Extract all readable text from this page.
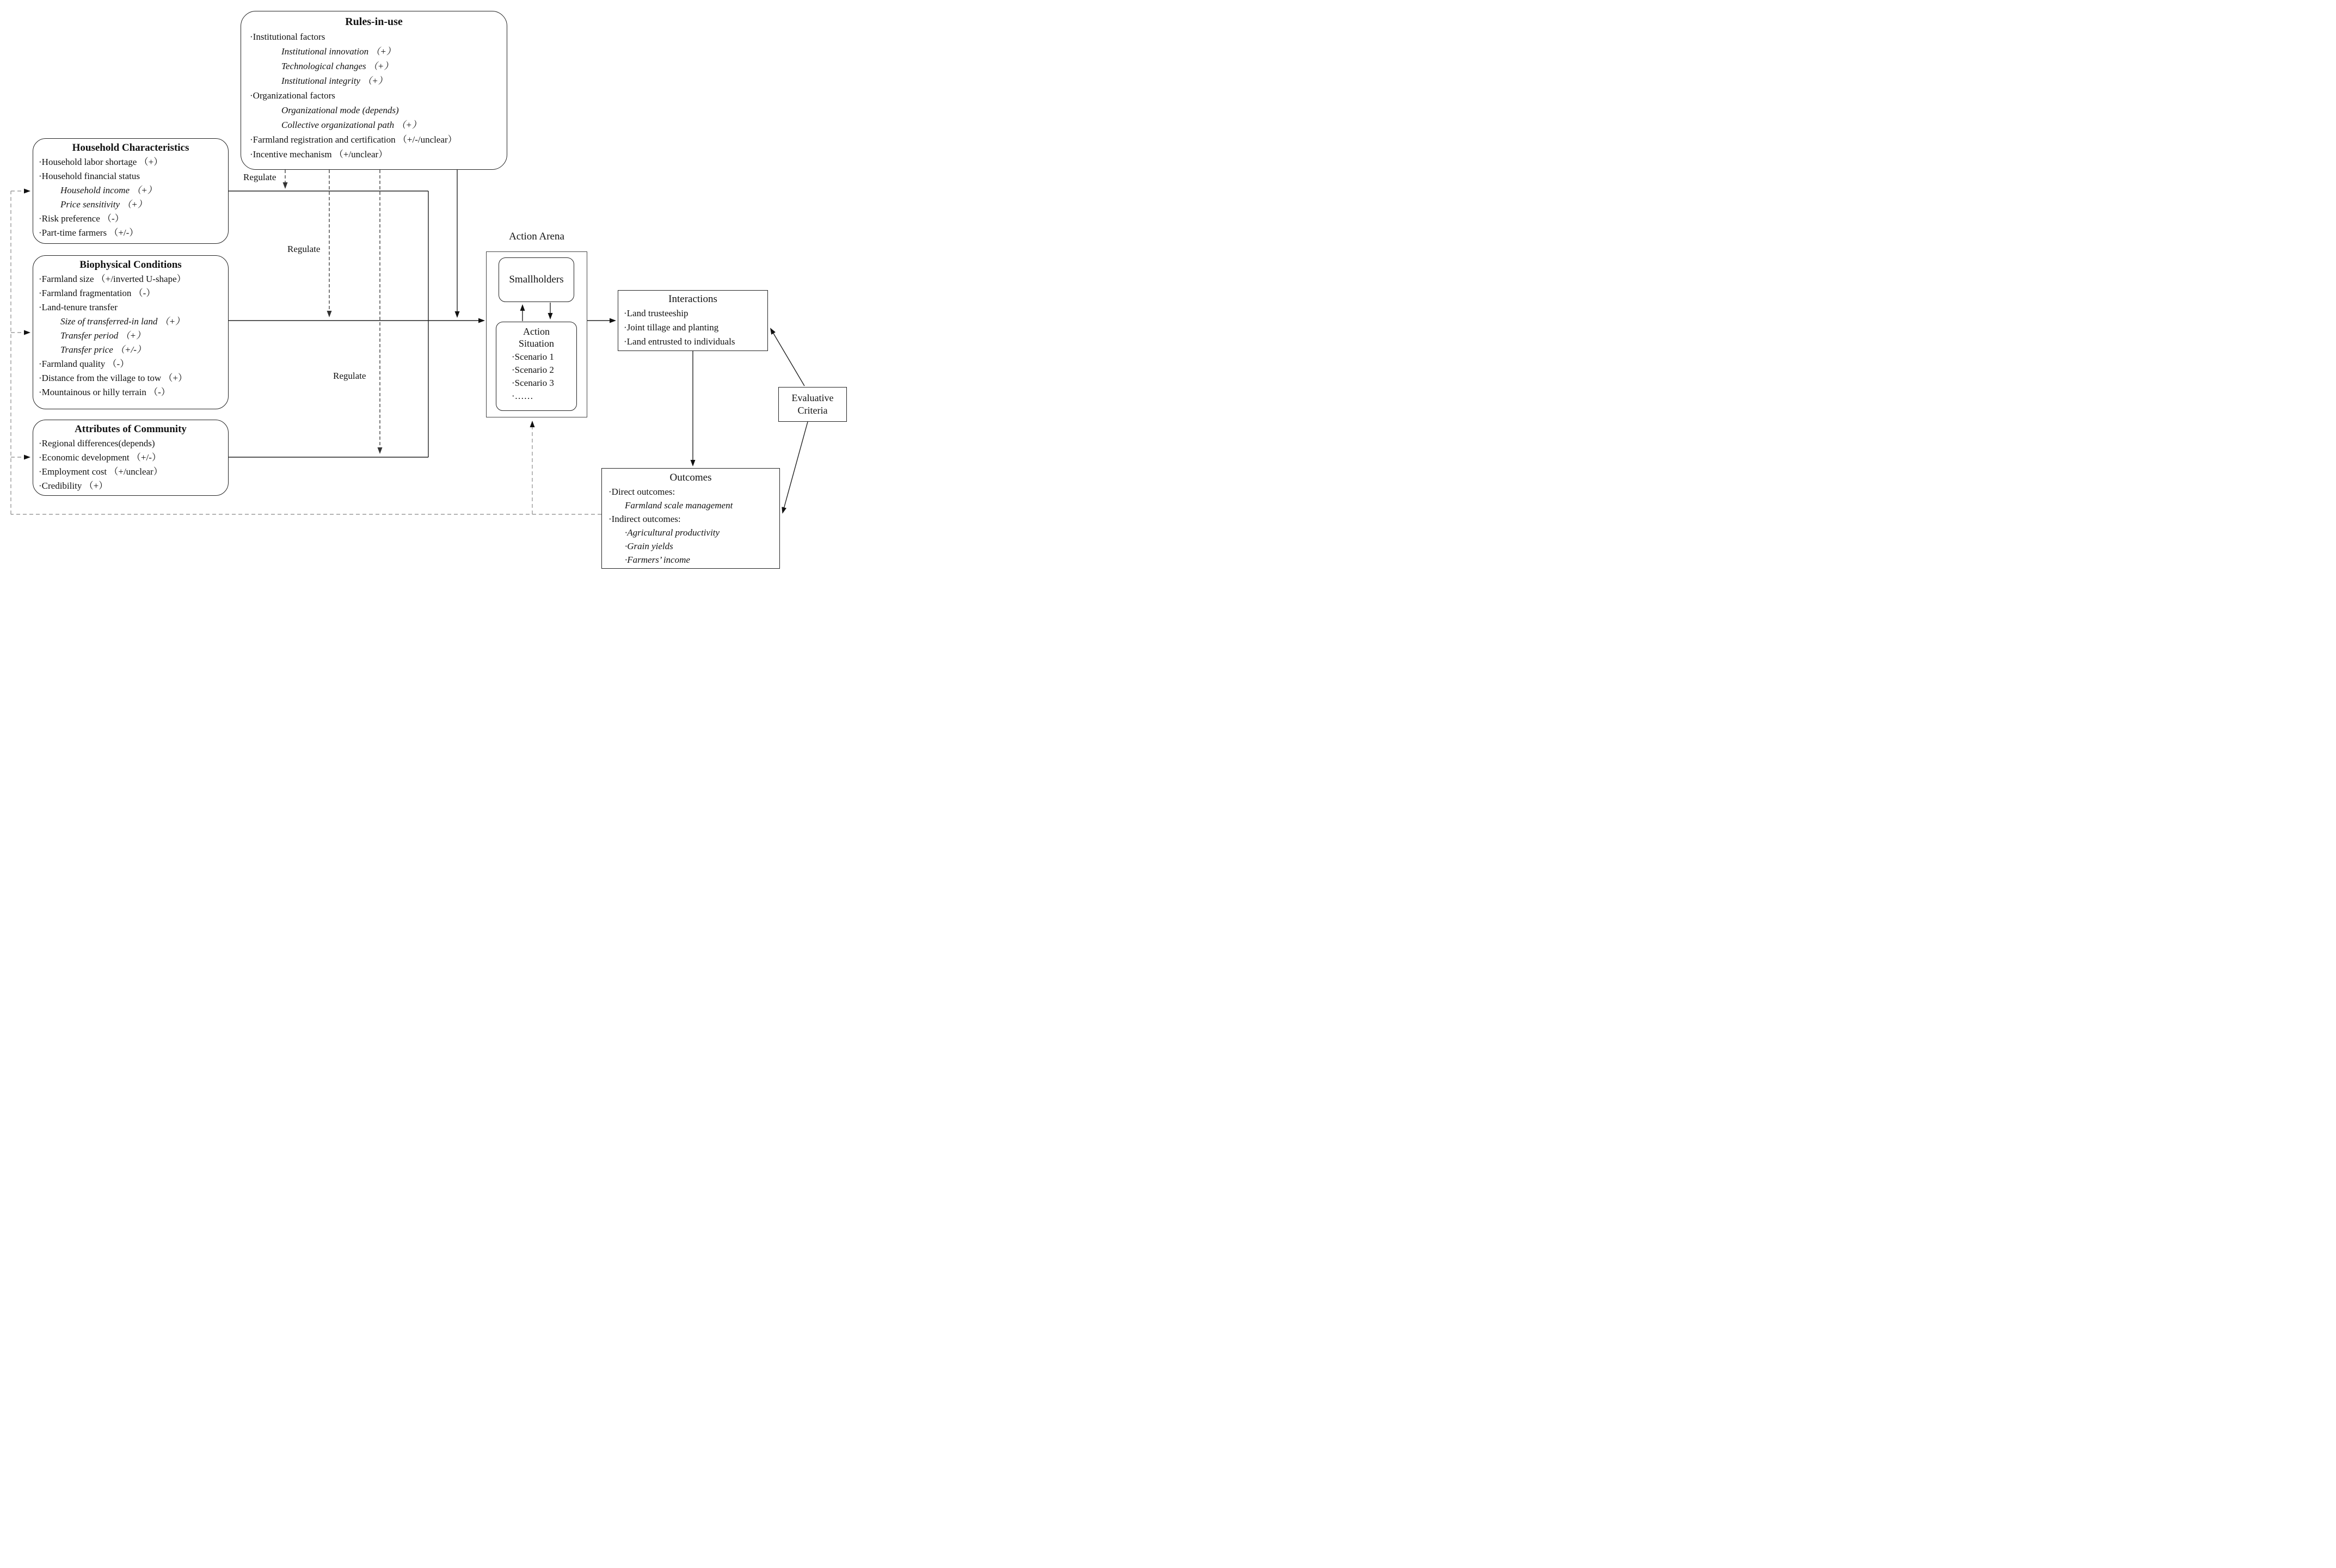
Household Characteristics
·Household labor shortage （+）
·Household financial status
Household income （+）
Price sensitivity （+）
·Risk preference （-）
·Part-time farmers （+/-）
Biophysical Conditions
·Farmland size （+/inverted U-shape）
·Farmland fragmentation （-）
·Land-tenure transfer
Size of transferred-in land （+）
Transfer period （+）
Transfer price （+/-）
·Farmland quality （-）
·Distance from the village to tow （+）
·Mountainous or hilly terrain （-）
Attributes of Community
·Regional differences(depends)
·Economic development （+/-）
·Employment cost （+/unclear）
·Credibility （+）
Rules-in-use
·Institutional factors
Institutional innovation （+）
Technological changes （+）
Institutional integrity （+）
·Organizational factors
Organizational mode (depends)
Collective organizational path （+）
·Farmland registration and certification （+/-/unclear）
·Incentive mechanism （+/unclear）
Regulate
Regulate
Regulate
Action Arena
Smallholders
Action Situation
·Scenario 1
·Scenario 2
·Scenario 3
·……
Interactions
·Land trusteeship
·Joint tillage and planting
·Land entrusted to individuals
Evaluative Criteria
Outcomes
·Direct outcomes:
Farmland scale management
·Indirect outcomes:
·Agricultural productivity
·Grain yields
·Farmers’ income
